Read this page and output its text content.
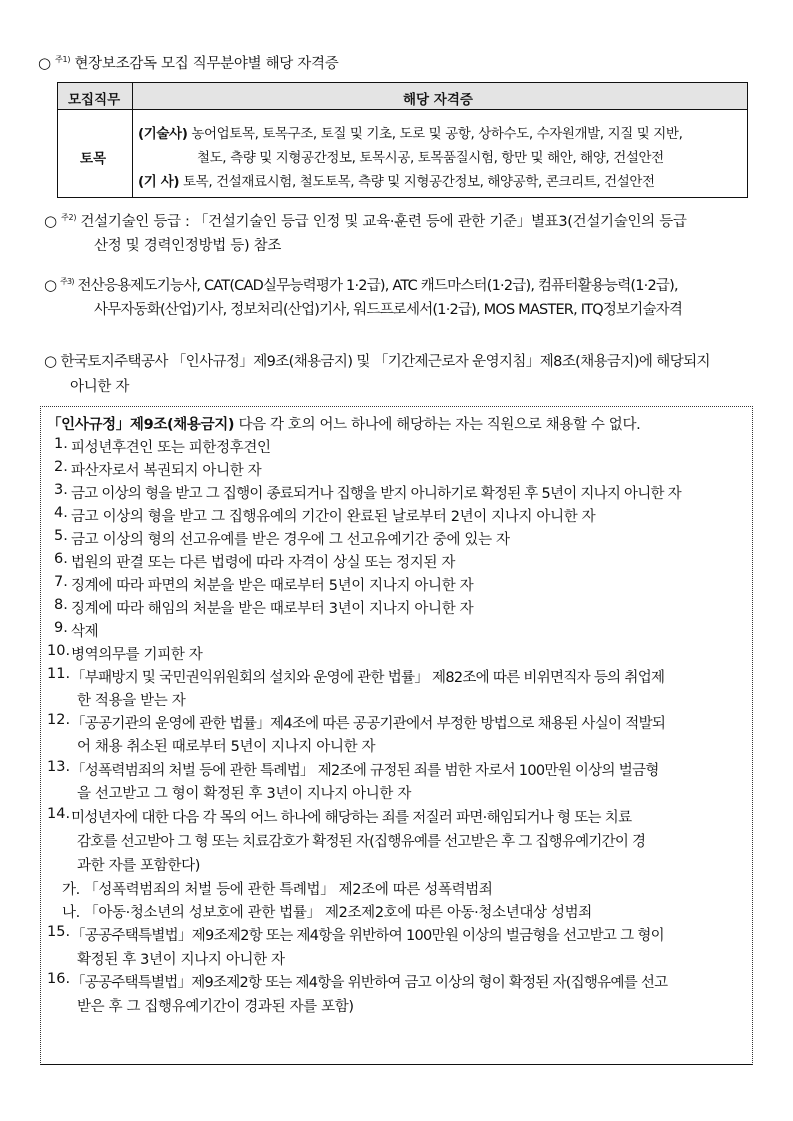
○ $^{주1)}$ 현장보조감독 모집 직무분야별 해당 자격증
모집직무	해당 자격증
토목
(기술사) 농어업토목, 토목구조, 토질 및 기초, 도로 및 공항, 상하수도, 수자원개발, 지질 및 지반,
철도, 측량 및 지형공간정보, 토목시공, 토목품질시험, 항만 및 해안, 해양, 건설안전
(기 사) 토목, 건설재료시험, 철도토목, 측량 및 지형공간정보, 해양공학, 콘크리트, 건설안전
○ $^{주2)}$ 건설기술인 등급 : 「건설기술인 등급 인정 및 교육·훈련 등에 관한 기준」별표3(건설기술인의 등급
산정 및 경력인정방법 등) 참조
○ $^{주3)}$ 전산응용제도기능사, CAT(CAD실무능력평가 1·2급), ATC 캐드마스터(1·2급), 컴퓨터활용능력(1·2급),
사무자동화(산업)기사, 정보처리(산업)기사, 워드프로세서(1·2급), MOS MASTER, ITQ정보기술자격
○ 한국토지주택공사 「인사규정」제9조(채용금지) 및 「기간제근로자 운영지침」제8조(채용금지)에 해당되지
아니한 자
「인사규정」제9조(채용금지) 다음 각 호의 어느 하나에 해당하는 자는 직원으로 채용할 수 없다.
1. 피성년후견인 또는 피한정후견인
2. 파산자로서 복권되지 아니한 자
3. 금고 이상의 형을 받고 그 집행이 종료되거나 집행을 받지 아니하기로 확정된 후 5년이 지나지 아니한 자
4. 금고 이상의 형을 받고 그 집행유예의 기간이 완료된 날로부터 2년이 지나지 아니한 자
5. 금고 이상의 형의 선고유예를 받은 경우에 그 선고유예기간 중에 있는 자
6. 법원의 판결 또는 다른 법령에 따라 자격이 상실 또는 정지된 자
7. 징계에 따라 파면의 처분을 받은 때로부터 5년이 지나지 아니한 자
8. 징계에 따라 해임의 처분을 받은 때로부터 3년이 지나지 아니한 자
9. 삭제
10. 병역의무를 기피한 자
11. 「부패방지 및 국민권익위원회의 설치와 운영에 관한 법률」 제82조에 따른 비위면직자 등의 취업제
한 적용을 받는 자
12. 「공공기관의 운영에 관한 법률」제4조에 따른 공공기관에서 부정한 방법으로 채용된 사실이 적발되
어 채용 취소된 때로부터 5년이 지나지 아니한 자
13. 「성폭력범죄의 처벌 등에 관한 특례법」 제2조에 규정된 죄를 범한 자로서 100만원 이상의 벌금형
을 선고받고 그 형이 확정된 후 3년이 지나지 아니한 자
14. 미성년자에 대한 다음 각 목의 어느 하나에 해당하는 죄를 저질러 파면·해임되거나 형 또는 치료
감호를 선고받아 그 형 또는 치료감호가 확정된 자(집행유예를 선고받은 후 그 집행유예기간이 경
과한 자를 포함한다)
가. 「성폭력범죄의 처벌 등에 관한 특례법」 제2조에 따른 성폭력범죄
나. 「아동·청소년의 성보호에 관한 법률」 제2조제2호에 따른 아동·청소년대상 성범죄
15. 「공공주택특별법」제9조제2항 또는 제4항을 위반하여 100만원 이상의 벌금형을 선고받고 그 형이
확정된 후 3년이 지나지 아니한 자
16. 「공공주택특별법」제9조제2항 또는 제4항을 위반하여 금고 이상의 형이 확정된 자(집행유예를 선고
받은 후 그 집행유예기간이 경과된 자를 포함)
